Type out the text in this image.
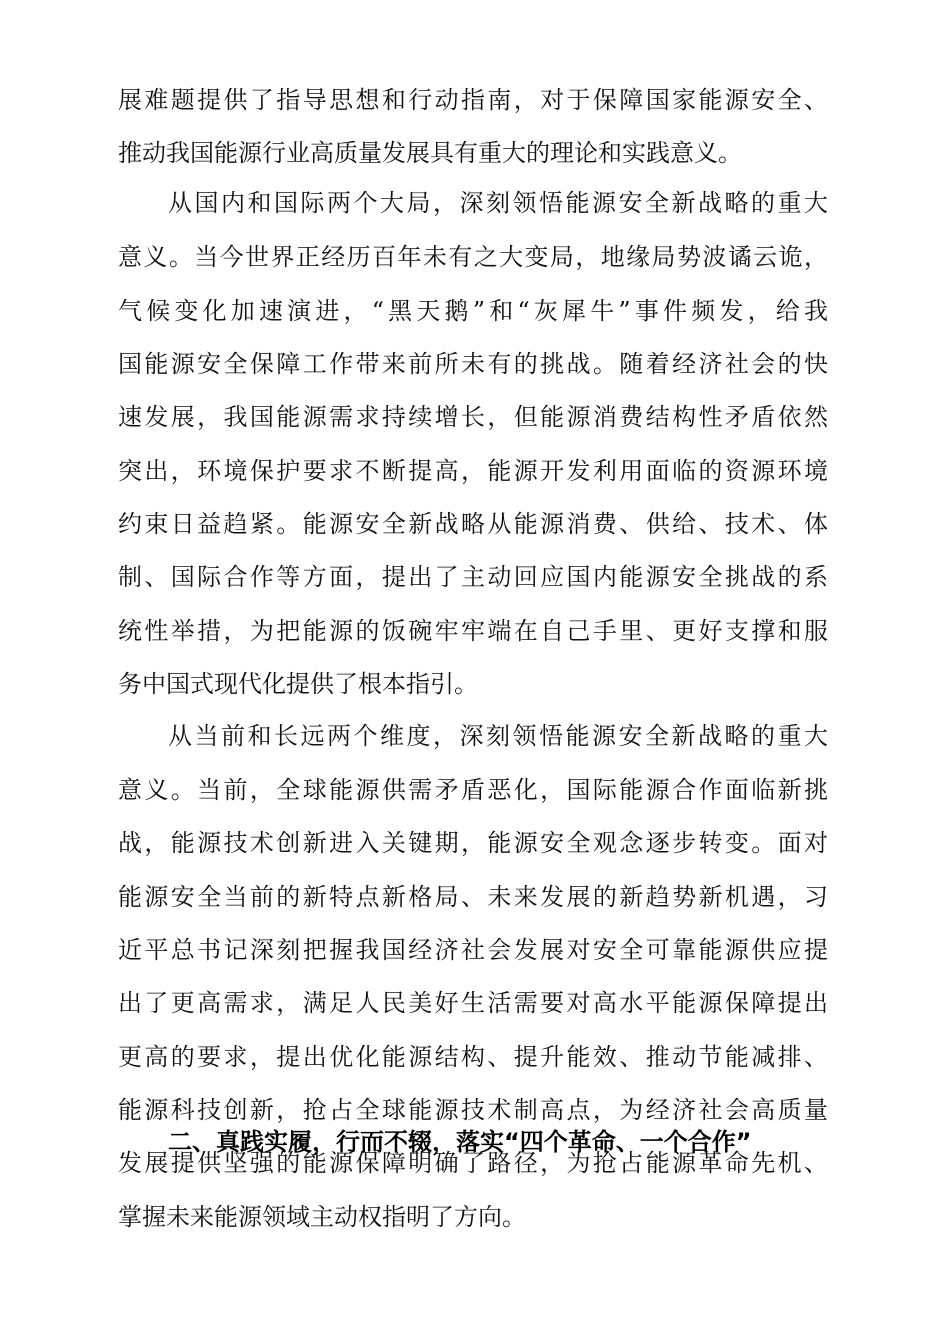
展难题提供了指导思想和行动指南，对于保障国家能源安全、
推动我国能源行业高质量发展具有重大的理论和实践意义。
从国内和国际两个大局，深刻领悟能源安全新战略的重大
意义。当今世界正经历百年未有之大变局，地缘局势波谲云诡，
气候变化加速演进，“黑天鹅”和“灰犀牛”事件频发，给我
国能源安全保障工作带来前所未有的挑战。随着经济社会的快
速发展，我国能源需求持续增长，但能源消费结构性矛盾依然
突出，环境保护要求不断提高，能源开发利用面临的资源环境
约束日益趋紧。能源安全新战略从能源消费、供给、技术、体
制、国际合作等方面，提出了主动回应国内能源安全挑战的系
统性举措，为把能源的饭碗牢牢端在自己手里、更好支撑和服
务中国式现代化提供了根本指引。
从当前和长远两个维度，深刻领悟能源安全新战略的重大
意义。当前，全球能源供需矛盾恶化，国际能源合作面临新挑
战，能源技术创新进入关键期，能源安全观念逐步转变。面对
能源安全当前的新特点新格局、未来发展的新趋势新机遇，习
近平总书记深刻把握我国经济社会发展对安全可靠能源供应提
出了更高需求，满足人民美好生活需要对高水平能源保障提出
更高的要求，提出优化能源结构、提升能效、推动节能减排、
能源科技创新，抢占全球能源技术制高点，为经济社会高质量
发展提供坚强的能源保障明确了路径，为抢占能源革命先机、
掌握未来能源领域主动权指明了方向。
二、真践实履，行而不辍，落实“四个革命、一个合作”
